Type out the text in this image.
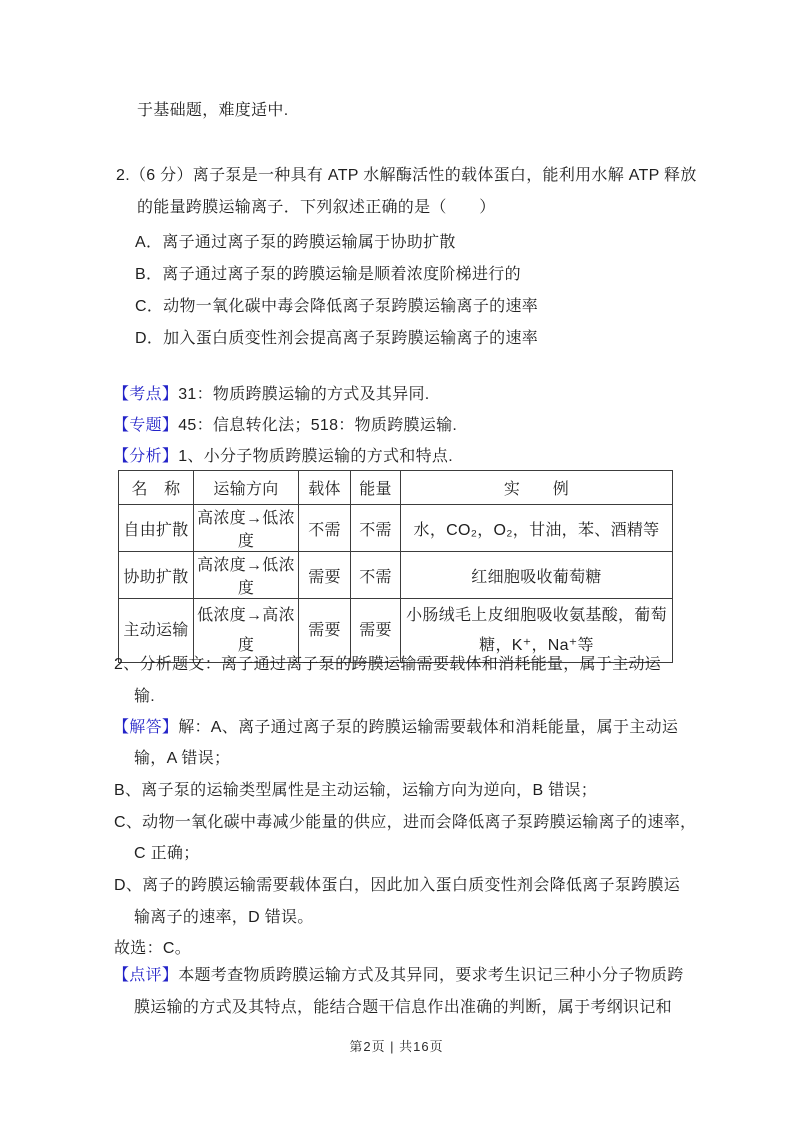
于基础题，难度适中.
2.（6 分）离子泵是一种具有 ATP 水解酶活性的载体蛋白，能利用水解 ATP 释放
的能量跨膜运输离子．下列叙述正确的是（　　）
A．离子通过离子泵的跨膜运输属于协助扩散
B．离子通过离子泵的跨膜运输是顺着浓度阶梯进行的
C．动物一氧化碳中毒会降低离子泵跨膜运输离子的速率
D．加入蛋白质变性剂会提高离子泵跨膜运输离子的速率
【考点】31：物质跨膜运输的方式及其异同.
【专题】45：信息转化法；518：物质跨膜运输.
【分析】1、小分子物质跨膜运输的方式和特点.
名　称	运输方向	载体	能量	实　　例
自由扩散	高浓度→低浓度	不需	不需	水，CO₂，O₂，甘油，苯、酒精等
协助扩散	高浓度→低浓度	需要	不需	红细胞吸收葡萄糖
主动运输	低浓度→高浓度	需要	需要	小肠绒毛上皮细胞吸收氨基酸，葡萄糖，K⁺，Na⁺等
2、分析题文：离子通过离子泵的跨膜运输需要载体和消耗能量，属于主动运
输.
【解答】解：A、离子通过离子泵的跨膜运输需要载体和消耗能量，属于主动运
输，A 错误；
B、离子泵的运输类型属性是主动运输，运输方向为逆向，B 错误；
C、动物一氧化碳中毒减少能量的供应，进而会降低离子泵跨膜运输离子的速率，
C 正确；
D、离子的跨膜运输需要载体蛋白，因此加入蛋白质变性剂会降低离子泵跨膜运
输离子的速率，D 错误。
故选：C。
【点评】本题考查物质跨膜运输方式及其异同，要求考生识记三种小分子物质跨
膜运输的方式及其特点，能结合题干信息作出准确的判断，属于考纲识记和
第2页 | 共16页
